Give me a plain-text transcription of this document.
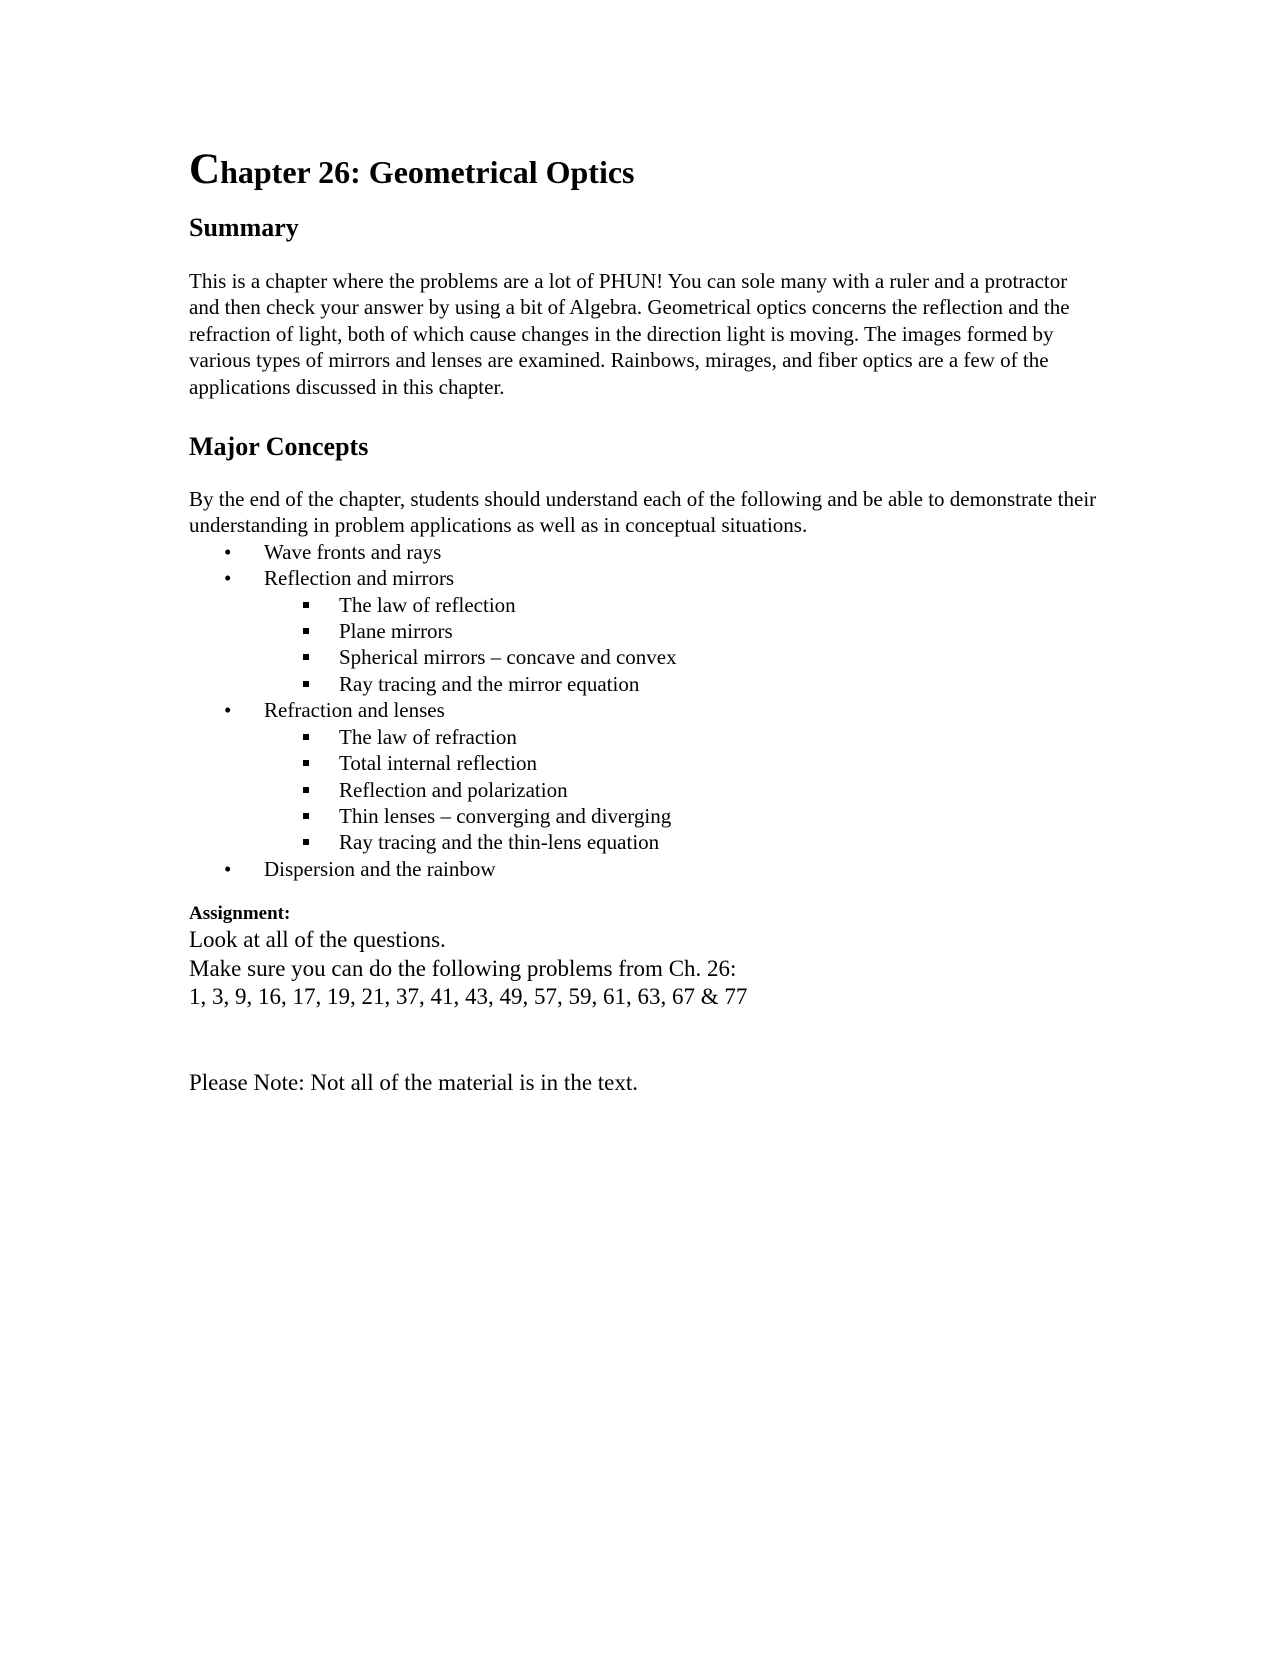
Chapter 26: Geometrical Optics
Summary

This is a chapter where the problems are a lot of PHUN! You can sole many with a ruler and a protractor and then check your answer by using a bit of Algebra. Geometrical optics concerns the reflection and the refraction of light, both of which cause changes in the direction light is moving. The images formed by various types of mirrors and lenses are examined. Rainbows, mirages, and fiber optics are a few of the applications discussed in this chapter.

Major Concepts

By the end of the chapter, students should understand each of the following and be able to demonstrate their understanding in problem applications as well as in conceptual situations.

• Wave fronts and rays
• Reflection and mirrors
The law of reflection
Plane mirrors
Spherical mirrors – concave and convex
Ray tracing and the mirror equation
• Refraction and lenses
The law of refraction
Total internal reflection
Reflection and polarization
Thin lenses – converging and diverging
Ray tracing and the thin-lens equation
• Dispersion and the rainbow

Assignment:

Look at all of the questions.

Make sure you can do the following problems from Ch. 26:

1, 3, 9, 16, 17, 19, 21, 37, 41, 43, 49, 57, 59, 61, 63, 67 & 77

Please Note: Not all of the material is in the text.
